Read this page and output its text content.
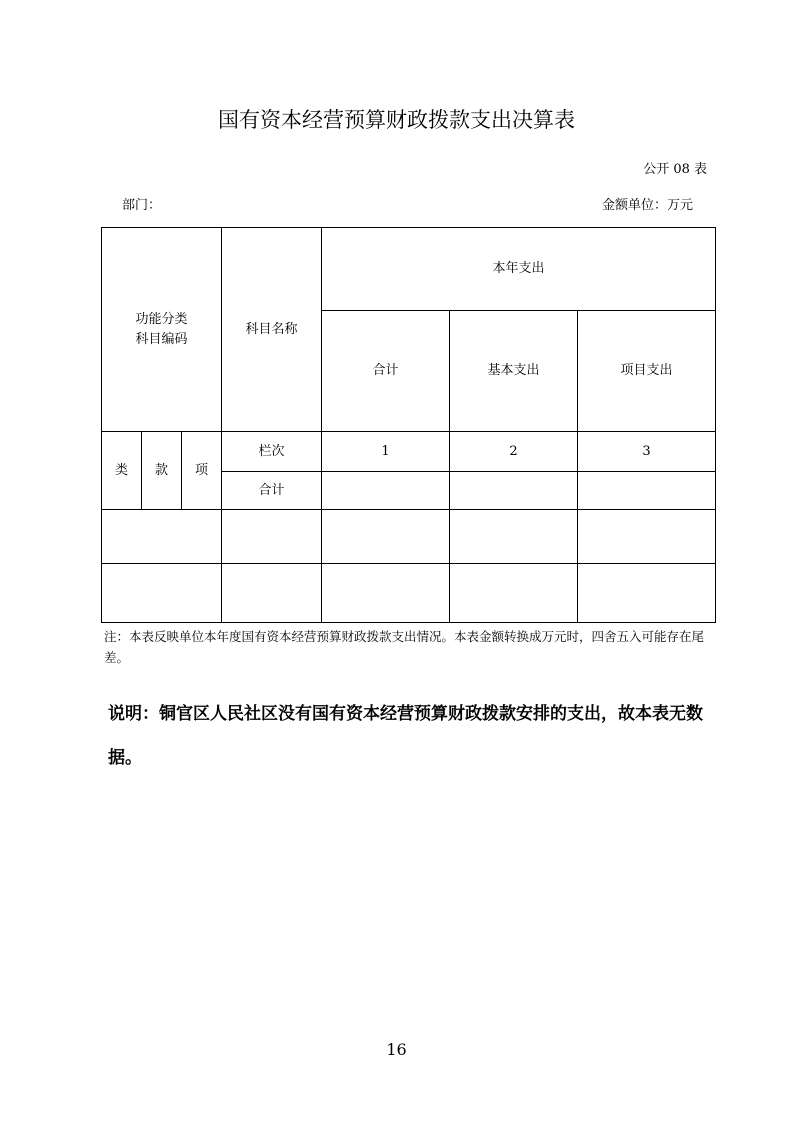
国有资本经营预算财政拨款支出决算表
公开 08 表
部门：	金额单位：万元
功能分类
科目编码			科目名称	本年支出		
				合计	基本支出	项目支出
类	款	项	栏次	1	2	3
			合计			

注：本表反映单位本年度国有资本经营预算财政拨款支出情况。本表金额转换成万元时，四舍五入可能存在尾差。
说明：铜官区人民社区没有国有资本经营预算财政拨款安排的支出，故本表无数据。
16
